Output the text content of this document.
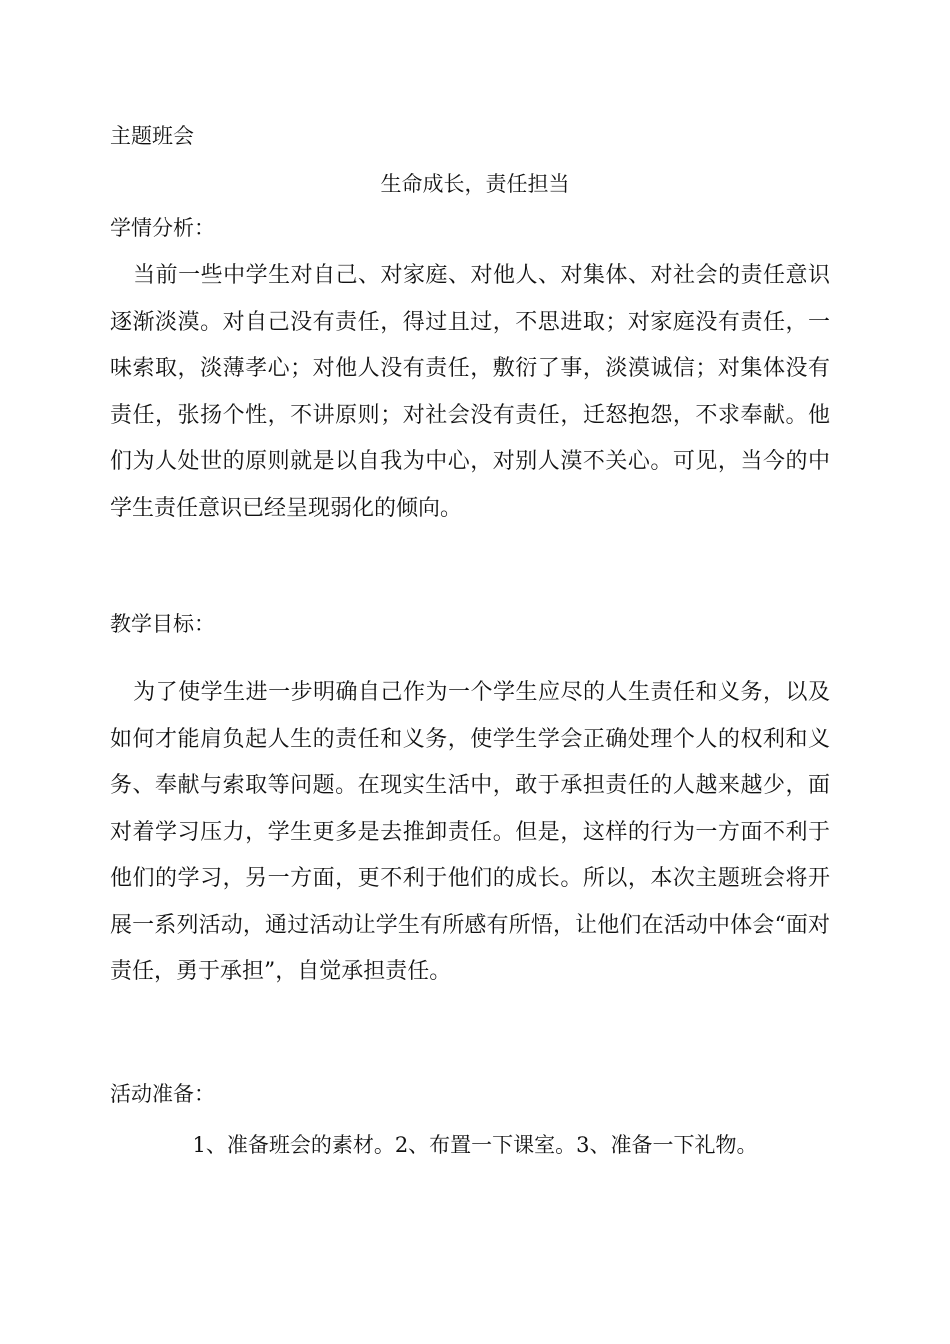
主题班会

生命成长，责任担当

学情分析：

当前一些中学生对自己、对家庭、对他人、对集体、对社会的责任意识逐渐淡漠。对自己没有责任，得过且过，不思进取；对家庭没有责任，一味索取，淡薄孝心；对他人没有责任，敷衍了事，淡漠诚信；对集体没有责任，张扬个性，不讲原则；对社会没有责任，迁怒抱怨，不求奉献。他们为人处世的原则就是以自我为中心，对别人漠不关心。可见，当今的中学生责任意识已经呈现弱化的倾向。

教学目标：

为了使学生进一步明确自己作为一个学生应尽的人生责任和义务，以及如何才能肩负起人生的责任和义务，使学生学会正确处理个人的权利和义务、奉献与索取等问题。在现实生活中，敢于承担责任的人越来越少，面对着学习压力，学生更多是去推卸责任。但是，这样的行为一方面不利于他们的学习，另一方面，更不利于他们的成长。所以，本次主题班会将开展一系列活动，通过活动让学生有所感有所悟，让他们在活动中体会“面对责任，勇于承担”，自觉承担责任。

活动准备：

1、准备班会的素材。2、布置一下课室。3、准备一下礼物。
